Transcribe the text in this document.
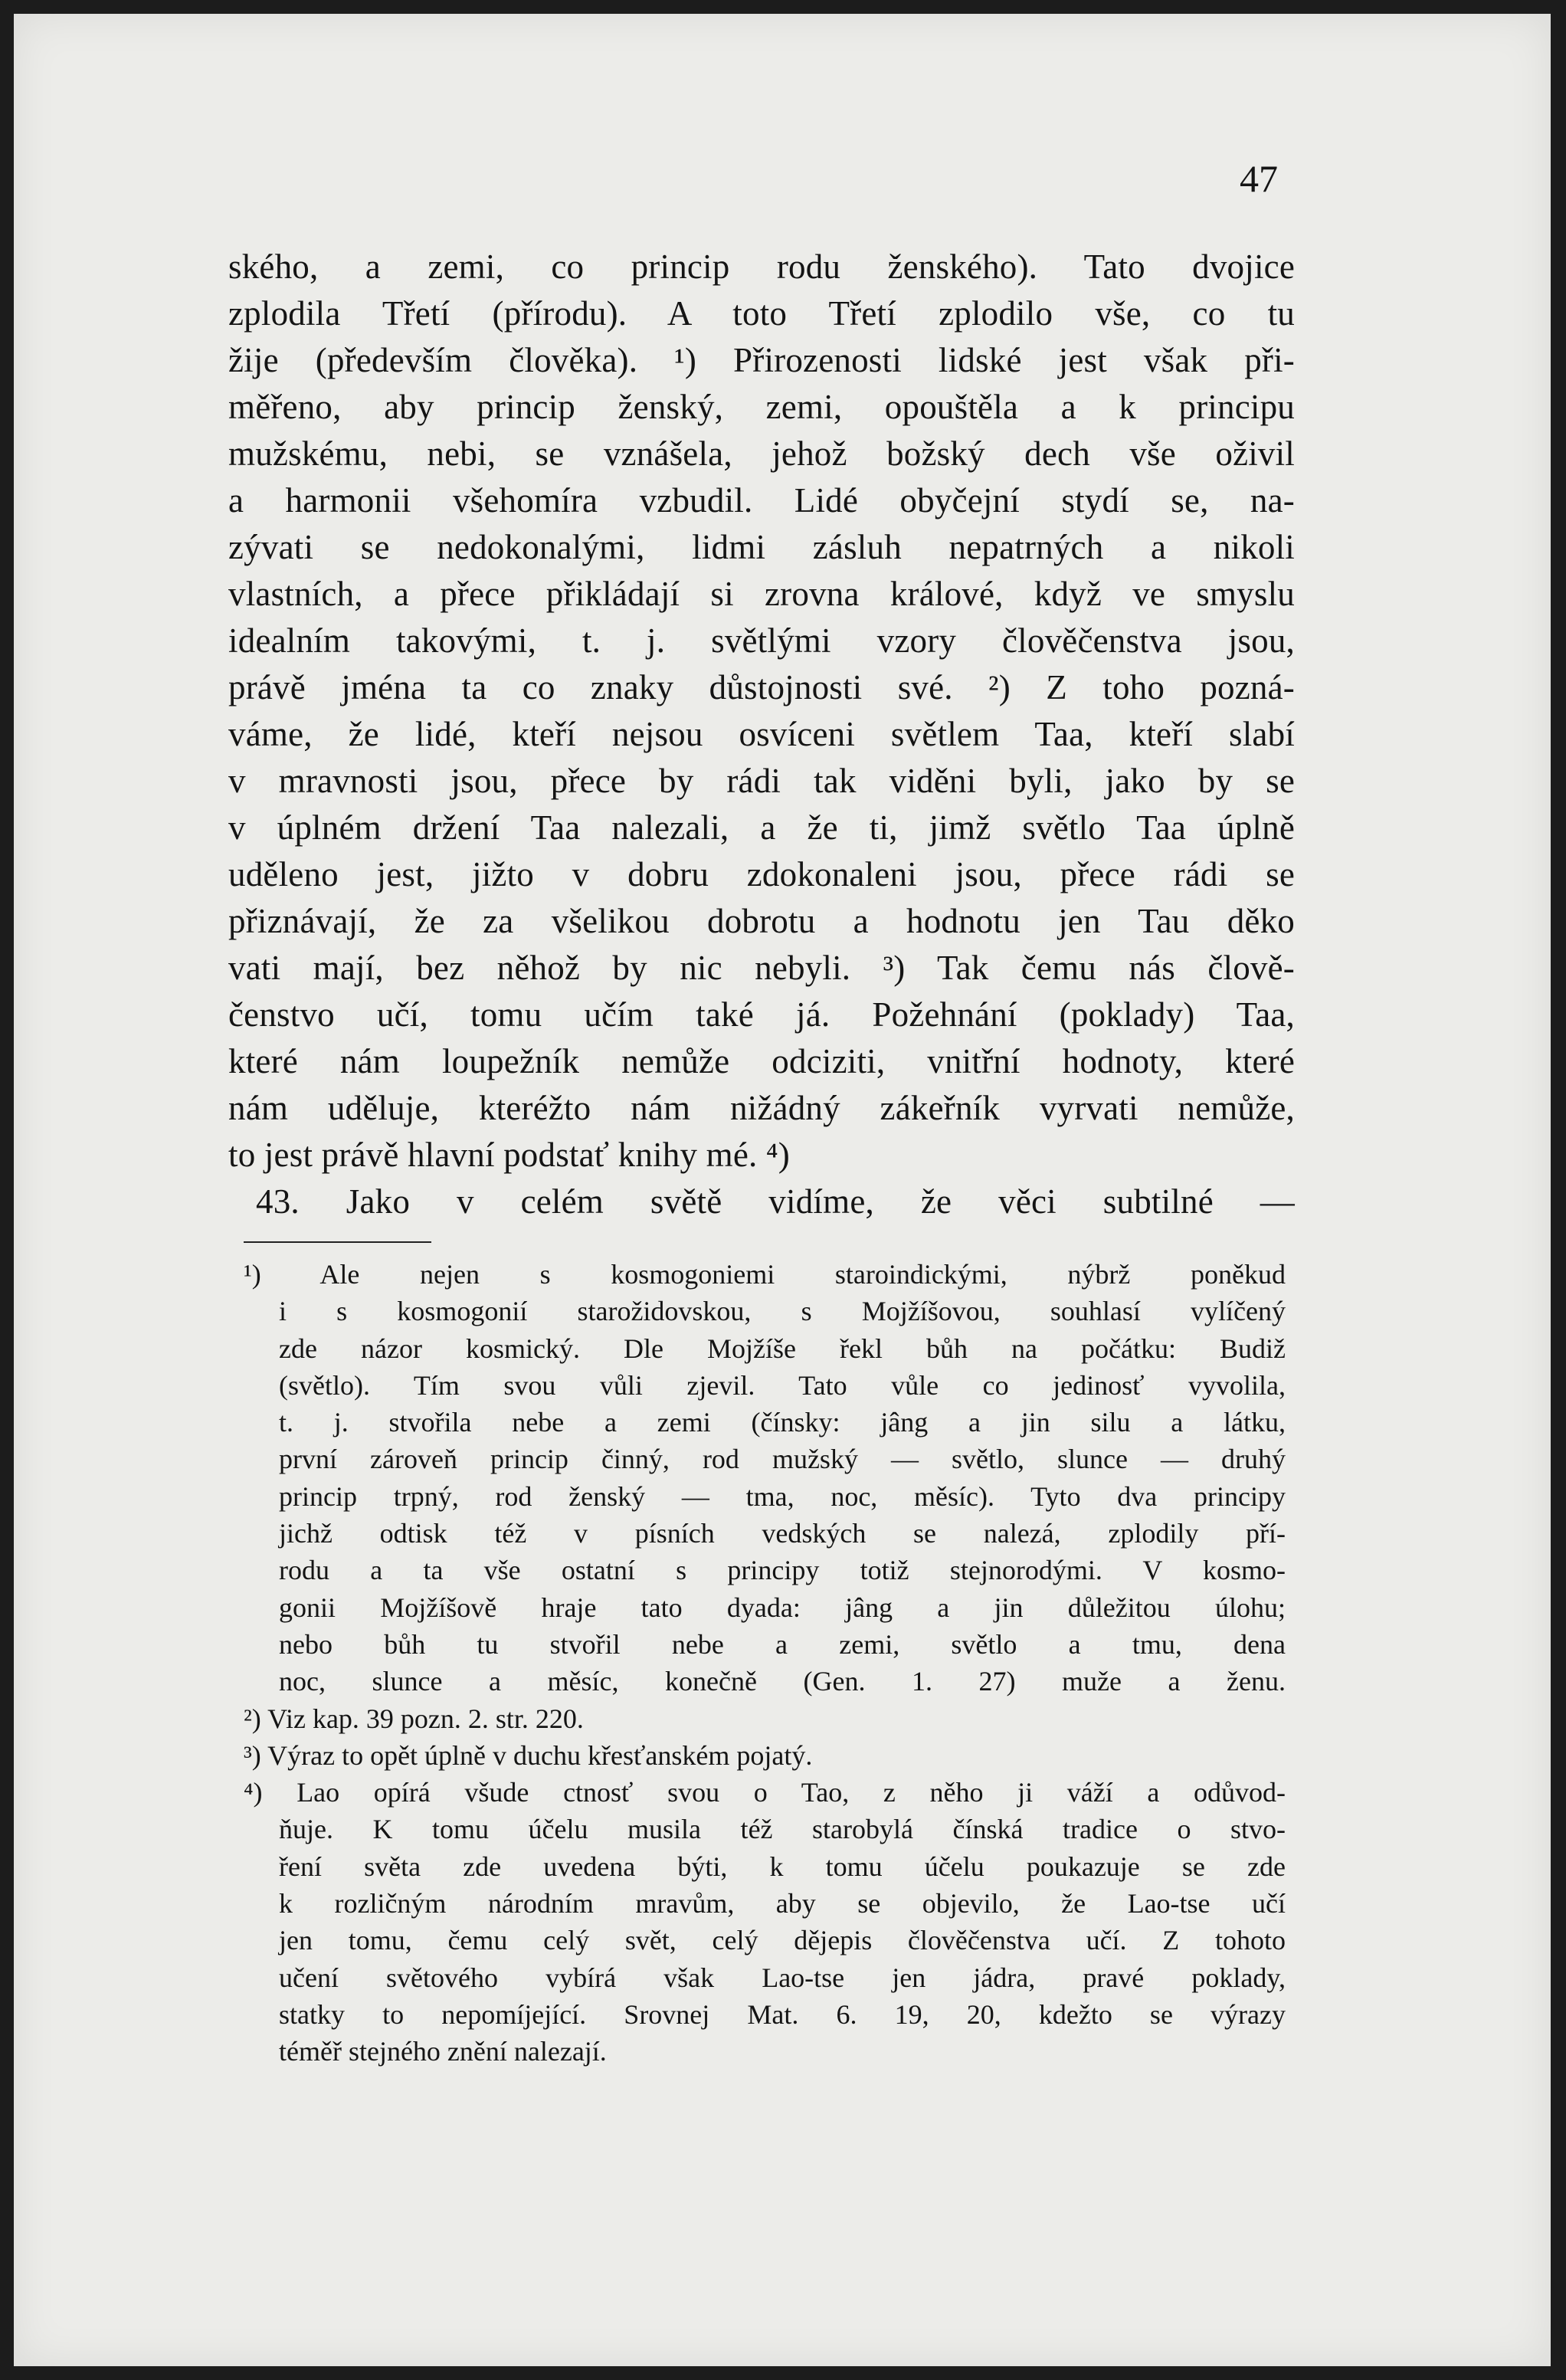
47
ského, a zemi, co princip rodu ženského). Tato dvojice
zplodila Třetí (přírodu). A toto Třetí zplodilo vše, co tu
žije (především člověka). ¹) Přirozenosti lidské jest však při-
měřeno, aby princip ženský, zemi, opouštěla a k principu
mužskému, nebi, se vznášela, jehož božský dech vše oživil
a harmonii všehomíra vzbudil. Lidé obyčejní stydí se, na-
zývati se nedokonalými, lidmi zásluh nepatrných a nikoli
vlastních, a přece přikládají si zrovna králové, když ve smyslu
idealním takovými, t. j. světlými vzory člověčenstva jsou,
právě jména ta co znaky důstojnosti své. ²) Z toho pozná-
váme, že lidé, kteří nejsou osvíceni světlem Taa, kteří slabí
v mravnosti jsou, přece by rádi tak viděni byli, jako by se
v úplném držení Taa nalezali, a že ti, jimž světlo Taa úplně
uděleno jest, jižto v dobru zdokonaleni jsou, přece rádi se
přiznávají, že za všelikou dobrotu a hodnotu jen Tau děko
vati mají, bez něhož by nic nebyli. ³) Tak čemu nás člově-
čenstvo učí, tomu učím také já. Požehnání (poklady) Taa,
které nám loupežník nemůže odciziti, vnitřní hodnoty, které
nám uděluje, kteréžto nám nižádný zákeřník vyrvati nemůže,
to jest právě hlavní podstať knihy mé. ⁴)
43. Jako v celém světě vidíme, že věci subtilné —
¹) Ale nejen s kosmogoniemi staroindickými, nýbrž poněkud
i s kosmogonií starožidovskou, s Mojžíšovou, souhlasí vylíčený
zde názor kosmický. Dle Mojžíše řekl bůh na počátku: Budiž
(světlo). Tím svou vůli zjevil. Tato vůle co jedinosť vyvolila,
t. j. stvořila nebe a zemi (čínsky: jâng a jin silu a látku,
první zároveň princip činný, rod mužský — světlo, slunce — druhý
princip trpný, rod ženský — tma, noc, měsíc). Tyto dva principy
jichž odtisk též v písních vedských se nalezá, zplodily pří-
rodu a ta vše ostatní s principy totiž stejnorodými. V kosmo-
gonii Mojžíšově hraje tato dyada: jâng a jin důležitou úlohu;
nebo bůh tu stvořil nebe a zemi, světlo a tmu, dena
noc, slunce a měsíc, konečně (Gen. 1. 27) muže a ženu.
²) Viz kap. 39 pozn. 2. str. 220.
³) Výraz to opět úplně v duchu křesťanském pojatý.
⁴) Lao opírá všude ctnosť svou o Tao, z něho ji váží a odůvod-
ňuje. K tomu účelu musila též starobylá čínská tradice o stvo-
ření světa zde uvedena býti, k tomu účelu poukazuje se zde
k rozličným národním mravům, aby se objevilo, že Lao-tse učí
jen tomu, čemu celý svět, celý dějepis člověčenstva učí. Z tohoto
učení světového vybírá však Lao-tse jen jádra, pravé poklady,
statky to nepomíjející. Srovnej Mat. 6. 19, 20, kdežto se výrazy
téměř stejného znění nalezají.
